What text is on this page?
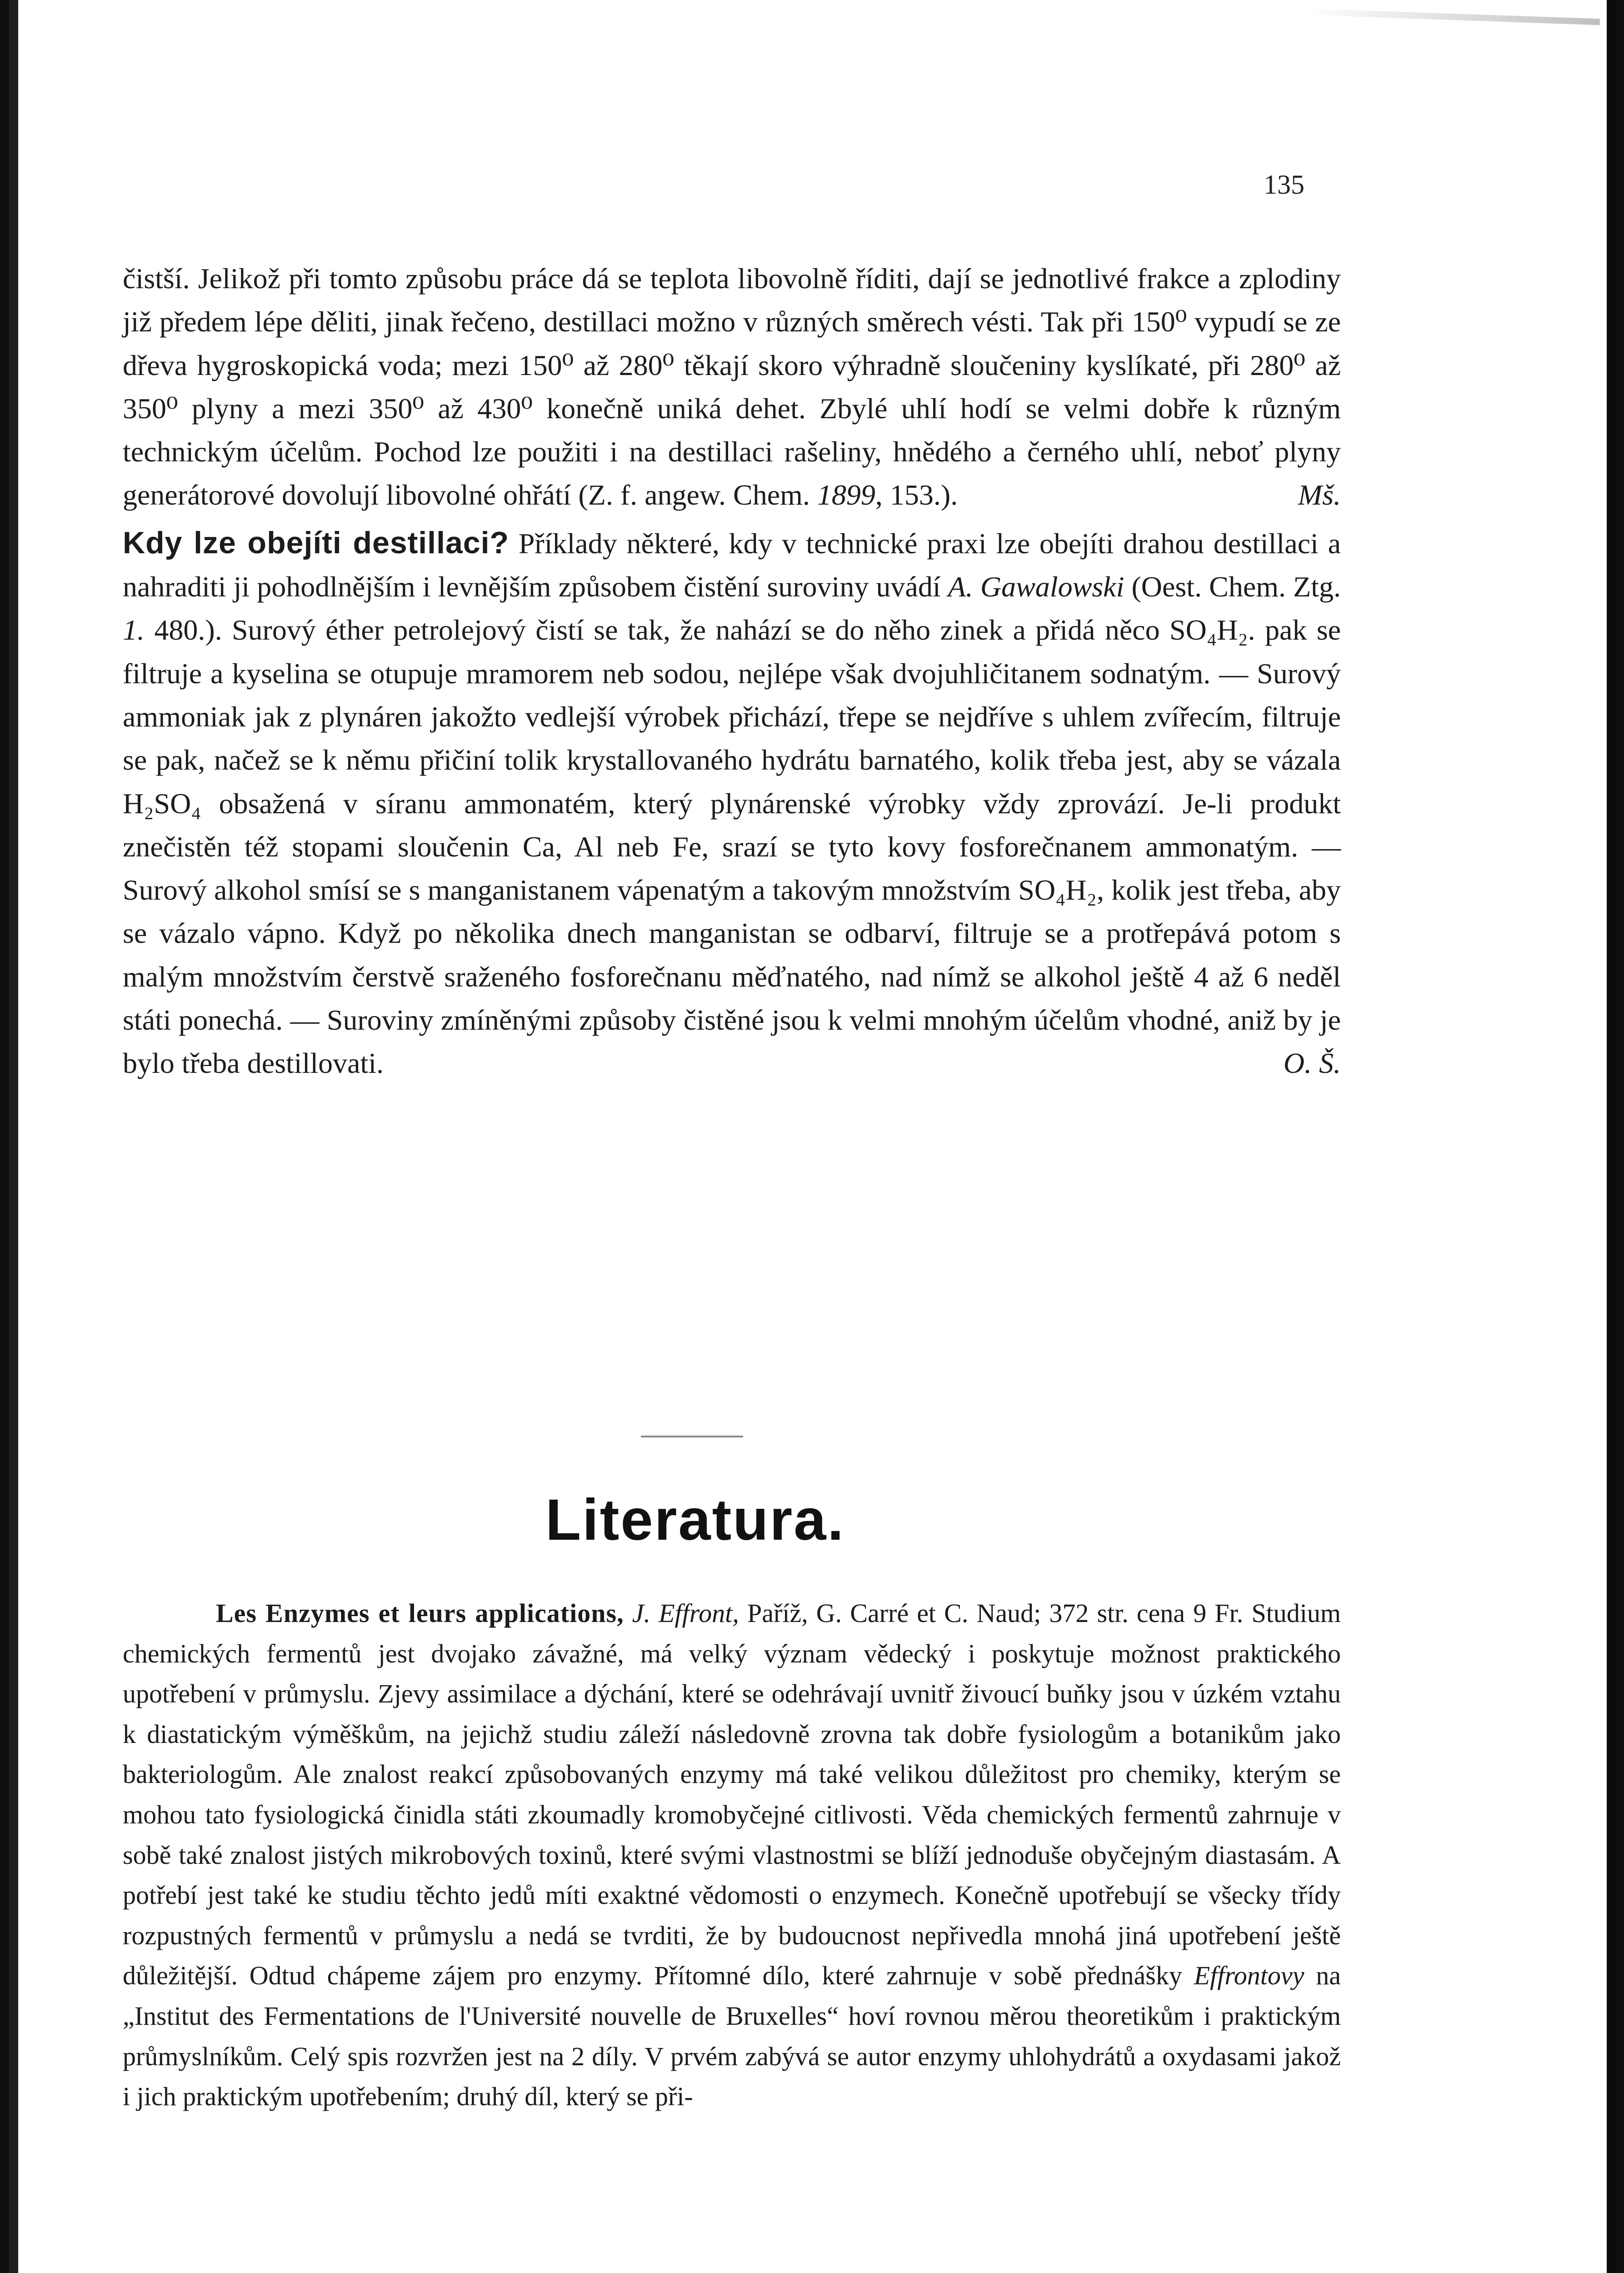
135

čistší. Jelikož při tomto způsobu práce dá se teplota libovolně říditi, dají se jednotlivé frakce a zplodiny již předem lépe děliti, jinak řečeno, destillaci možno v různých směrech vésti. Tak při 150⁰ vypudí se ze dřeva hygroskopická voda; mezi 150⁰ až 280⁰ těkají skoro výhradně sloučeniny kyslíkaté, při 280⁰ až 350⁰ plyny a mezi 350⁰ až 430⁰ konečně uniká dehet. Zbylé uhlí hodí se velmi dobře k různým technickým účelům. Pochod lze použiti i na destillaci rašeliny, hnědého a černého uhlí, neboť plyny generátorové dovolují libovolné ohřátí (Z. f. angew. Chem. 1899, 153.).	Mš.

Kdy lze obejíti destillaci? Příklady některé, kdy v technické praxi lze obejíti drahou destillaci a nahraditi ji pohodlnějším i levnějším způsobem čistění suroviny uvádí A. Gawalowski (Oest. Chem. Ztg. 1. 480.). Surový éther petrolejový čistí se tak, že nahází se do něho zinek a přidá něco SO₄H₂. pak se filtruje a kyselina se otupuje mramorem neb sodou, nejlépe však dvojuhličitanem sodnatým. — Surový ammoniak jak z plynáren jakožto vedlejší výrobek přichází, třepe se nejdříve s uhlem zvířecím, filtruje se pak, načež se k němu přičiní tolik krystallovaného hydrátu barnatého, kolik třeba jest, aby se vázala H₂SO₄ obsažená v síranu ammonatém, který plynárenské výrobky vždy zprovází. Je-li produkt znečistěn též stopami sloučenin Ca, Al neb Fe, srazí se tyto kovy fosforečnanem ammonatým. — Surový alkohol smísí se s manganistanem vápenatým a takovým množstvím SO₄H₂, kolik jest třeba, aby se vázalo vápno. Když po několika dnech manganistan se odbarví, filtruje se a protřepává potom s malým množstvím čerstvě sraženého fosforečnanu měďnatého, nad nímž se alkohol ještě 4 až 6 neděl státi ponechá. — Suroviny zmíněnými způsoby čistěné jsou k velmi mnohým účelům vhodné, aniž by je bylo třeba destillovati.	O. Š.

Literatura.

Les Enzymes et leurs applications, J. Effront, Paříž, G. Carré et C. Naud; 372 str. cena 9 Fr. Studium chemických fermentů jest dvojako závažné, má velký význam vědecký i poskytuje možnost praktického upotřebení v průmyslu. Zjevy assimilace a dýchání, které se odehrávají uvnitř živoucí buňky jsou v úzkém vztahu k diastatickým výměškům, na jejichž studiu záleží následovně zrovna tak dobře fysiologům a botanikům jako bakteriologům. Ale znalost reakcí způsobovaných enzymy má také velikou důležitost pro chemiky, kterým se mohou tato fysiologická činidla státi zkoumadly kromobyčejné citlivosti. Věda chemických fermentů zahrnuje v sobě také znalost jistých mikrobových toxinů, které svými vlastnostmi se blíží jednoduše obyčejným diastasám. A potřebí jest také ke studiu těchto jedů míti exaktné vědomosti o enzymech. Konečně upotřebují se všecky třídy rozpustných fermentů v průmyslu a nedá se tvrditi, že by budoucnost nepřivedla mnohá jiná upotřebení ještě důležitější. Odtud chápeme zájem pro enzymy. Přítomné dílo, které zahrnuje v sobě přednášky Effrontovy na „Institut des Fermentations de l'Université nouvelle de Bruxelles“ hoví rovnou měrou theoretikům i praktickým průmyslníkům. Celý spis rozvržen jest na 2 díly. V prvém zabývá se autor enzymy uhlohydrátů a oxydasami jakož i jich praktickým upotřebením; druhý díl, který se při-
